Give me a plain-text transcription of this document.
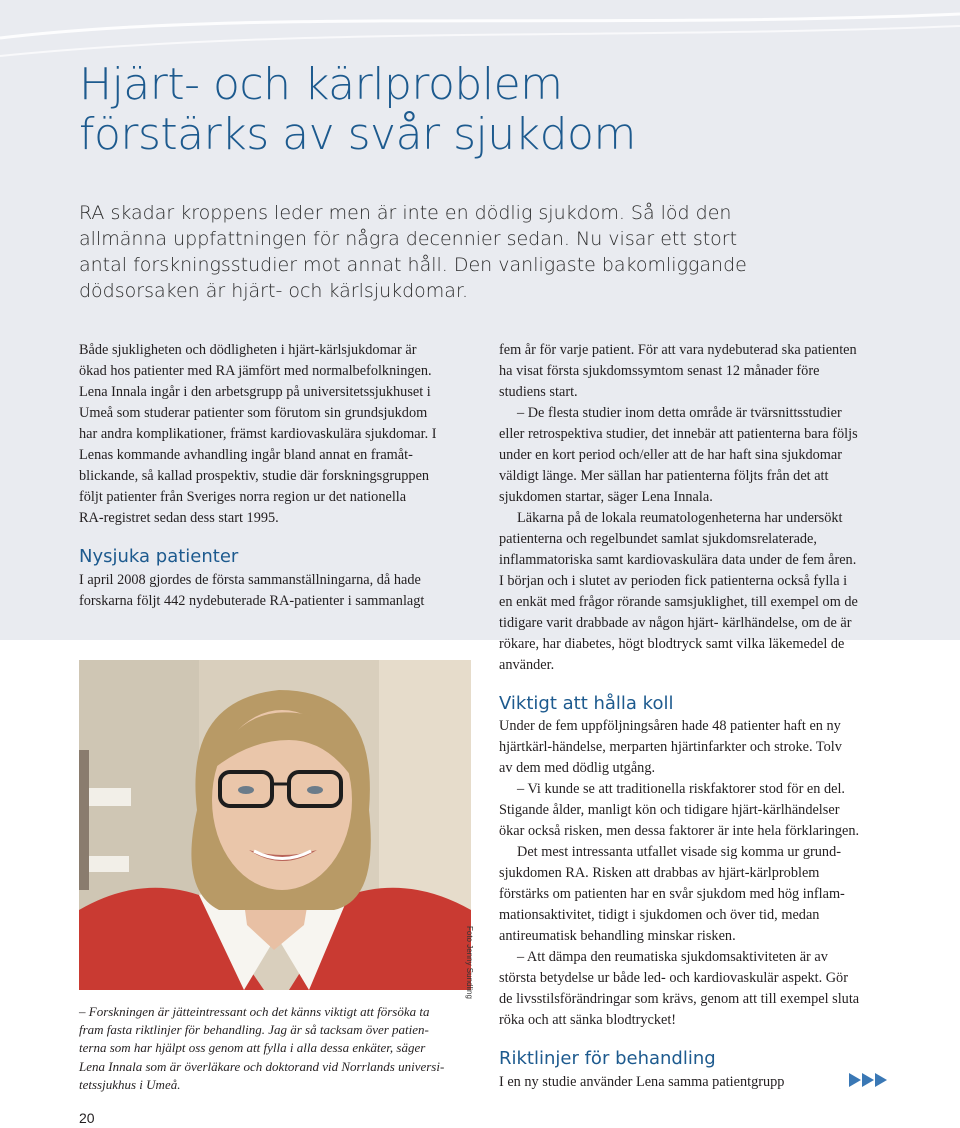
Hjärt- och kärlproblem
förstärks av svår sjukdom

RA skadar kroppens leder men är inte en dödlig sjukdom. Så löd den
allmänna uppfattningen för några decennier sedan. Nu visar ett stort
antal forskningsstudier mot annat håll. Den vanligaste bakomliggande
dödsorsaken är hjärt- och kärlsjukdomar.

Både sjukligheten och dödligheten i hjärt-kärlsjukdomar är
ökad hos patienter med RA jämfört med normalbefolkningen.
Lena Innala ingår i den arbetsgrupp på universitetssjukhuset i
Umeå som studerar patienter som förutom sin grundsjukdom
har andra komplikationer, främst kardiovaskulära sjukdomar. I
Lenas kommande avhandling ingår bland annat en framåt-
blickande, så kallad prospektiv, studie där forskningsgruppen
följt patienter från Sveriges norra region ur det nationella
RA-registret sedan dess start 1995.

Nysjuka patienter

I april 2008 gjordes de första sammanställningarna, då hade
forskarna följt 442 nydebuterade RA-patienter i sammanlagt

fem år för varje patient. För att vara nydebuterad ska patienten
ha visat första sjukdomssymtom senast 12 månader före
studiens start.

– De flesta studier inom detta område är tvärsnittsstudier
eller retrospektiva studier, det innebär att patienterna bara följs
under en kort period och/eller att de har haft sina sjukdomar
väldigt länge. Mer sällan har patienterna följts från det att
sjukdomen startar, säger Lena Innala.

Läkarna på de lokala reumatologenheterna har undersökt
patienterna och regelbundet samlat sjukdomsrelaterade,
inflammatoriska samt kardiovaskulära data under de fem åren.
I början och i slutet av perioden fick patienterna också fylla i
en enkät med frågor rörande samsjuklighet, till exempel om de
tidigare varit drabbade av någon hjärt- kärlhändelse, om de är
rökare, har diabetes, högt blodtryck samt vilka läkemedel de
använder.

Viktigt att hålla koll

Under de fem uppföljningsåren hade 48 patienter haft en ny
hjärtkärl-händelse, merparten hjärtinfarkter och stroke. Tolv
av dem med dödlig utgång.

– Vi kunde se att traditionella riskfaktorer stod för en del.
Stigande ålder, manligt kön och tidigare hjärt-kärlhändelser
ökar också risken, men dessa faktorer är inte hela förklaringen.

Det mest intressanta utfallet visade sig komma ur grund-
sjukdomen RA. Risken att drabbas av hjärt-kärlproblem
förstärks om patienten har en svår sjukdom med hög inflam-
mationsaktivitet, tidigt i sjukdomen och över tid, medan
antireumatisk behandling minskar risken.

– Att dämpa den reumatiska sjukdomsaktiviteten är av
största betydelse ur både led- och kardiovaskulär aspekt. Gör
de livsstilsförändringar som krävs, genom att till exempel sluta
röka och att sänka blodtrycket!

Riktlinjer för behandling

I en ny studie använder Lena samma patientgrupp

Foto Jenny Sundling
– Forskningen är jätteintressant och det känns viktigt att försöka ta
fram fasta riktlinjer för behandling. Jag är så tacksam över patien-
terna som har hjälpt oss genom att fylla i alla dessa enkäter, säger
Lena Innala som är överläkare och doktorand vid Norrlands universi-
tetssjukhus i Umeå.
20
